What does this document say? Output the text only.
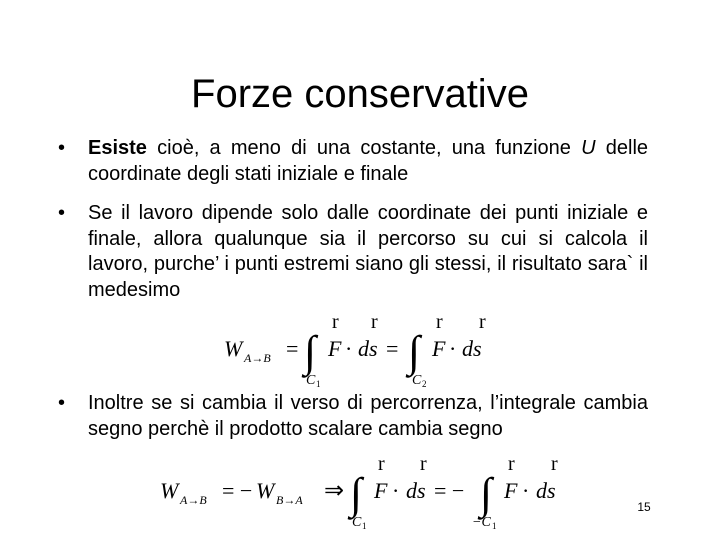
Forze conservative
• Esiste cioè, a meno di una costante, una funzione U delle coordinate degli stati iniziale e finale
• Se il lavoro dipende solo dalle coordinate dei punti iniziale e finale, allora qualunque sia il percorso su cui si calcola il lavoro, purche’ i punti estremi siano gli stessi, il risultato sara` il medesimo
r r	r r
W A→B = ∫ F · ds = ∫ F · ds
C 1	C 2
• Inoltre se si cambia il verso di percorrenza, l’integrale cambia segno perchè il prodotto scalare cambia segno
r r	r r
W A→B = − W B→A ⇒ ∫ F · ds = − ∫ F · ds
C 1	−C 1
15
